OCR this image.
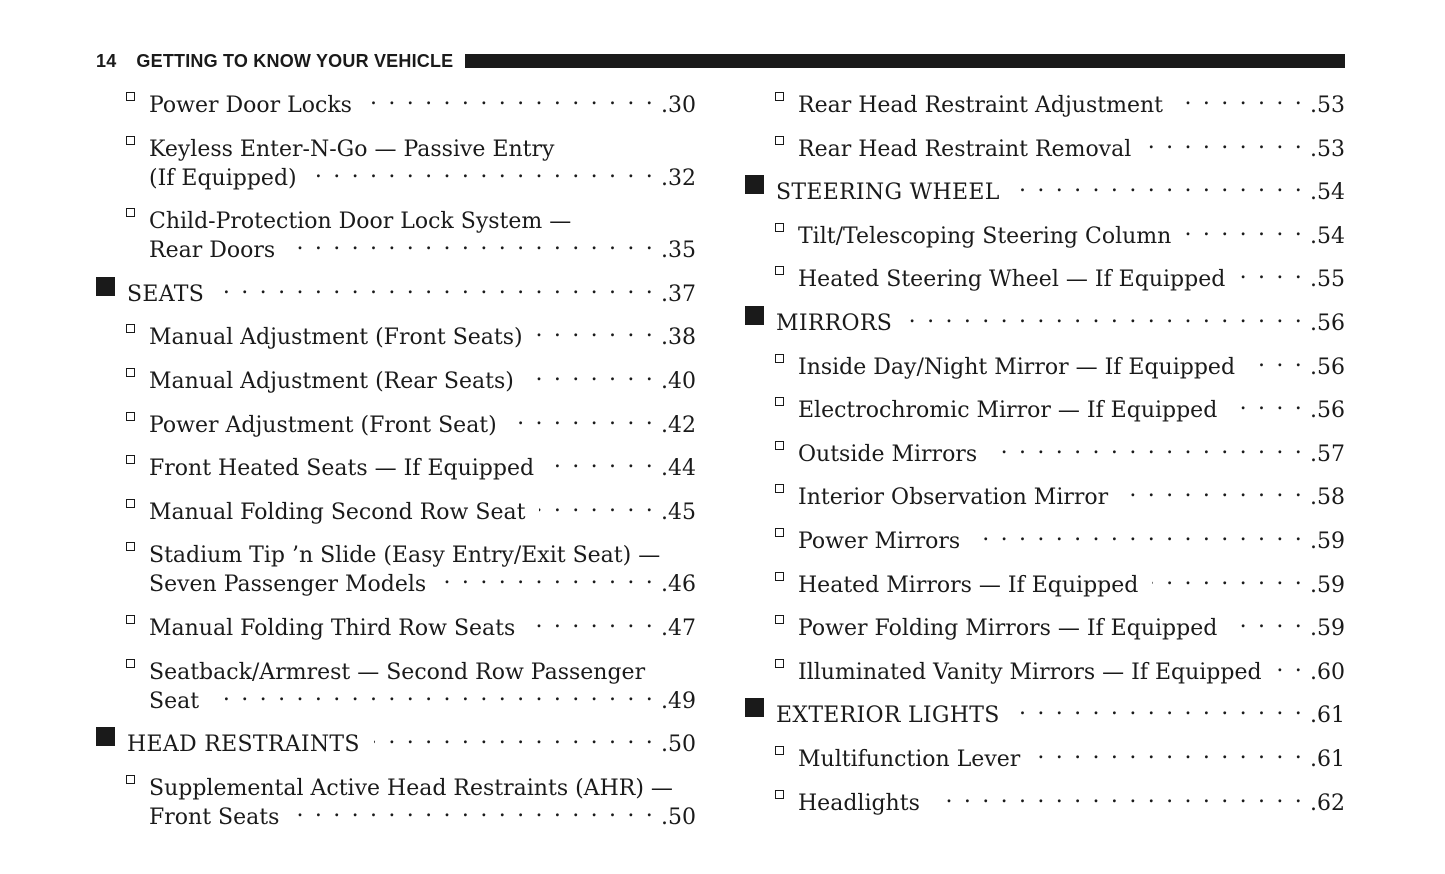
14 GETTING TO KNOW YOUR VEHICLE
Power Door Locks . . .	.30
Keyless Enter-N-Go — Passive Entry
(If Equipped) . . .	.32
Child-Protection Door Lock System —
Rear Doors . . .	.35
SEATS . . .	.37
Manual Adjustment (Front Seats) . . .	.38
Manual Adjustment (Rear Seats) . . .	.40
Power Adjustment (Front Seat) . . .	.42
Front Heated Seats — If Equipped . . .	.44
Manual Folding Second Row Seat . . .	.45
Stadium Tip ’n Slide (Easy Entry/Exit Seat) —
Seven Passenger Models . . .	.46
Manual Folding Third Row Seats . . .	.47
Seatback/Armrest — Second Row Passenger
Seat . . .	.49
HEAD RESTRAINTS . . .	.50
Supplemental Active Head Restraints (AHR) —
Front Seats . . .	.50
Rear Head Restraint Adjustment . . .	.53
Rear Head Restraint Removal . . .	.53
STEERING WHEEL . . .	.54
Tilt/Telescoping Steering Column . . .	.54
Heated Steering Wheel — If Equipped . . .	.55
MIRRORS . . .	.56
Inside Day/Night Mirror — If Equipped . . .	.56
Electrochromic Mirror — If Equipped . . .	.56
Outside Mirrors . . .	.57
Interior Observation Mirror . . .	.58
Power Mirrors . . .	.59
Heated Mirrors — If Equipped . . .	.59
Power Folding Mirrors — If Equipped . . .	.59
Illuminated Vanity Mirrors — If Equipped . . . .60
EXTERIOR LIGHTS . . .	.61
Multifunction Lever . . .	.61
Headlights . . .	.62
